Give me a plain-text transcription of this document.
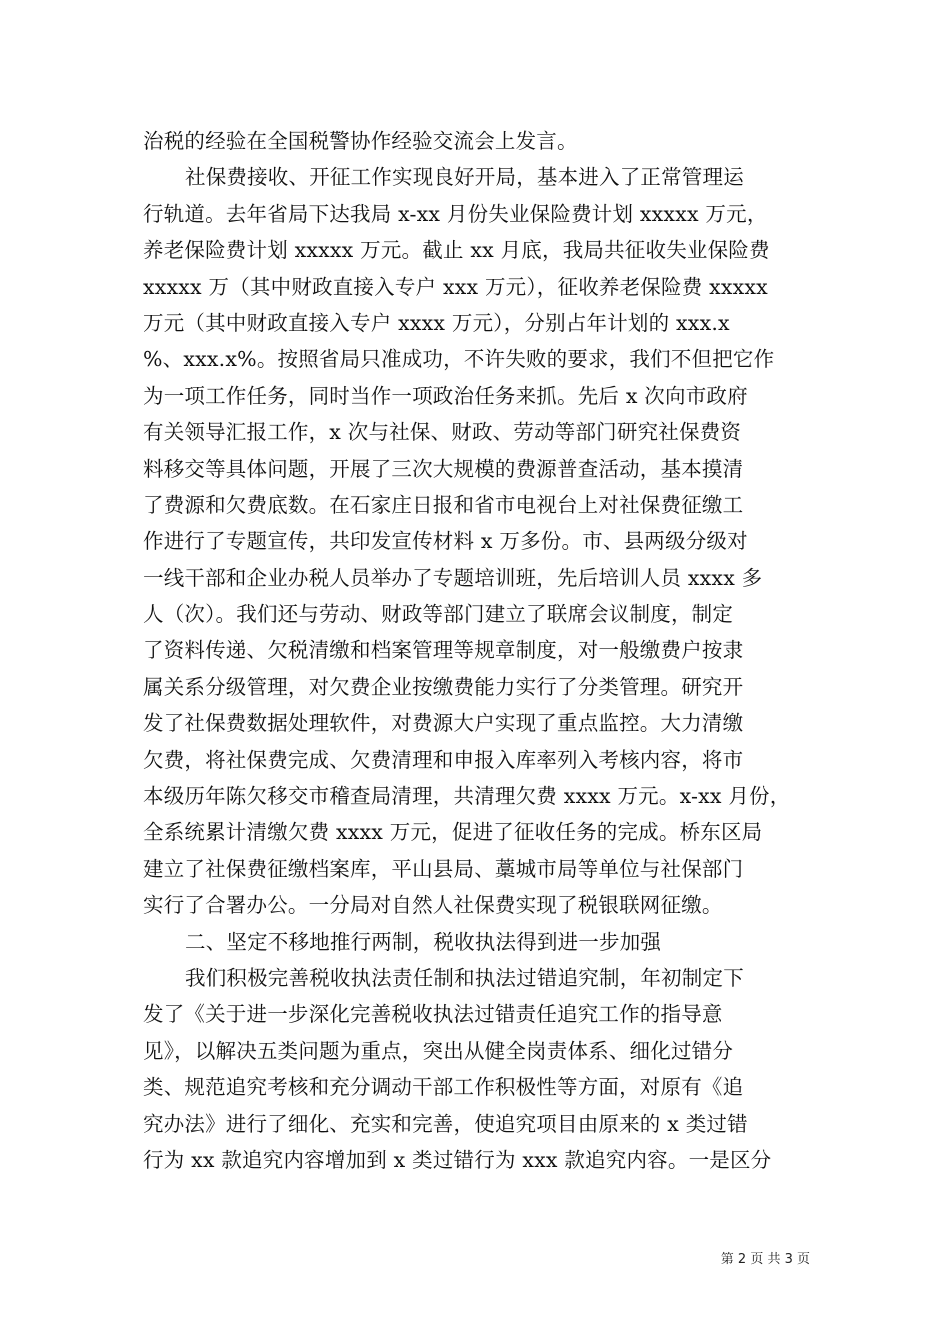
治税的经验在全国税警协作经验交流会上发言。
社保费接收、开征工作实现良好开局，基本进入了正常管理运
行轨道。去年省局下达我局 x-xx 月份失业保险费计划 xxxxx 万元，
养老保险费计划 xxxxx 万元。截止 xx 月底，我局共征收失业保险费
xxxxx 万（其中财政直接入专户 xxx 万元），征收养老保险费 xxxxx
万元（其中财政直接入专户 xxxx 万元），分别占年计划的 xxx.x
%、xxx.x%。按照省局只准成功，不许失败的要求，我们不但把它作
为一项工作任务，同时当作一项政治任务来抓。先后 x 次向市政府
有关领导汇报工作，x 次与社保、财政、劳动等部门研究社保费资
料移交等具体问题，开展了三次大规模的费源普查活动，基本摸清
了费源和欠费底数。在石家庄日报和省市电视台上对社保费征缴工
作进行了专题宣传，共印发宣传材料 x 万多份。市、县两级分级对
一线干部和企业办税人员举办了专题培训班，先后培训人员 xxxx 多
人（次）。我们还与劳动、财政等部门建立了联席会议制度，制定
了资料传递、欠税清缴和档案管理等规章制度，对一般缴费户按隶
属关系分级管理，对欠费企业按缴费能力实行了分类管理。研究开
发了社保费数据处理软件，对费源大户实现了重点监控。大力清缴
欠费，将社保费完成、欠费清理和申报入库率列入考核内容，将市
本级历年陈欠移交市稽查局清理，共清理欠费 xxxx 万元。x-xx 月份，
全系统累计清缴欠费 xxxx 万元，促进了征收任务的完成。桥东区局
建立了社保费征缴档案库，平山县局、藁城市局等单位与社保部门
实行了合署办公。一分局对自然人社保费实现了税银联网征缴。
二、坚定不移地推行两制，税收执法得到进一步加强
我们积极完善税收执法责任制和执法过错追究制，年初制定下
发了《关于进一步深化完善税收执法过错责任追究工作的指导意
见》，以解决五类问题为重点，突出从健全岗责体系、细化过错分
类、规范追究考核和充分调动干部工作积极性等方面，对原有《追
究办法》进行了细化、充实和完善，使追究项目由原来的 x 类过错
行为 xx 款追究内容增加到 x 类过错行为 xxx 款追究内容。一是区分
第 2 页 共 3 页
